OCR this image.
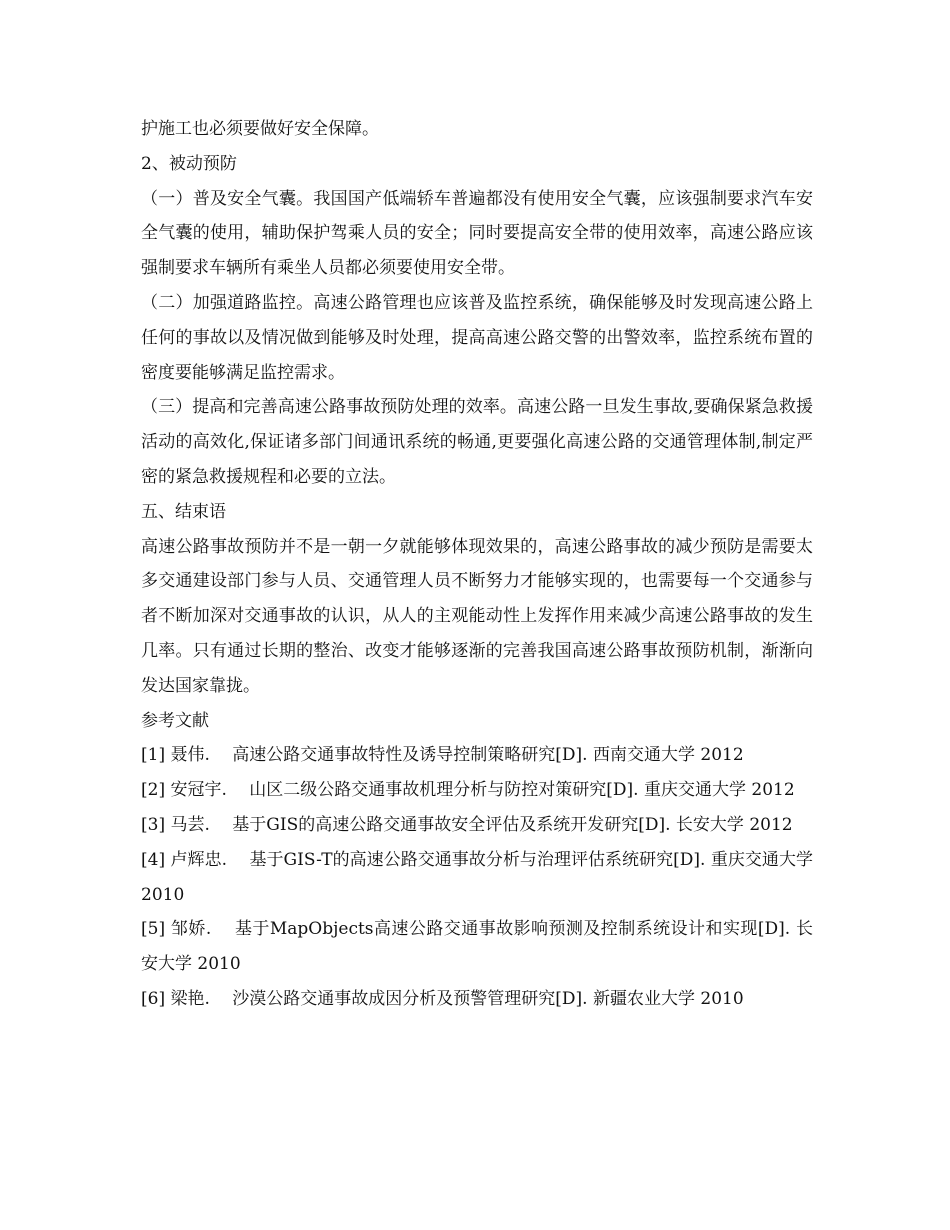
护施工也必须要做好安全保障。

2、被动预防

（一）普及安全气囊。我国国产低端轿车普遍都没有使用安全气囊，应该强制要求汽车安全气囊的使用，辅助保护驾乘人员的安全；同时要提高安全带的使用效率，高速公路应该强制要求车辆所有乘坐人员都必须要使用安全带。

（二）加强道路监控。高速公路管理也应该普及监控系统，确保能够及时发现高速公路上任何的事故以及情况做到能够及时处理，提高高速公路交警的出警效率，监控系统布置的密度要能够满足监控需求。

（三）提高和完善高速公路事故预防处理的效率。高速公路一旦发生事故,要确保紧急救援活动的高效化,保证诸多部门间通讯系统的畅通,更要强化高速公路的交通管理体制,制定严密的紧急救援规程和必要的立法。

五、结束语

高速公路事故预防并不是一朝一夕就能够体现效果的，高速公路事故的减少预防是需要太多交通建设部门参与人员、交通管理人员不断努力才能够实现的，也需要每一个交通参与者不断加深对交通事故的认识，从人的主观能动性上发挥作用来减少高速公路事故的发生几率。只有通过长期的整治、改变才能够逐渐的完善我国高速公路事故预防机制，渐渐向发达国家靠拢。

参考文献

[1] 聂伟.　 高速公路交通事故特性及诱导控制策略研究[D]. 西南交通大学 2012

[2] 安冠宇.　 山区二级公路交通事故机理分析与防控对策研究[D]. 重庆交通大学 2012

[3] 马芸.　 基于GIS的高速公路交通事故安全评估及系统开发研究[D]. 长安大学 2012

[4] 卢辉忠.　 基于GIS-T的高速公路交通事故分析与治理评估系统研究[D]. 重庆交通大学 2010

[5] 邹娇.　 基于MapObjects高速公路交通事故影响预测及控制系统设计和实现[D]. 长安大学 2010

[6] 梁艳.　 沙漠公路交通事故成因分析及预警管理研究[D]. 新疆农业大学 2010
